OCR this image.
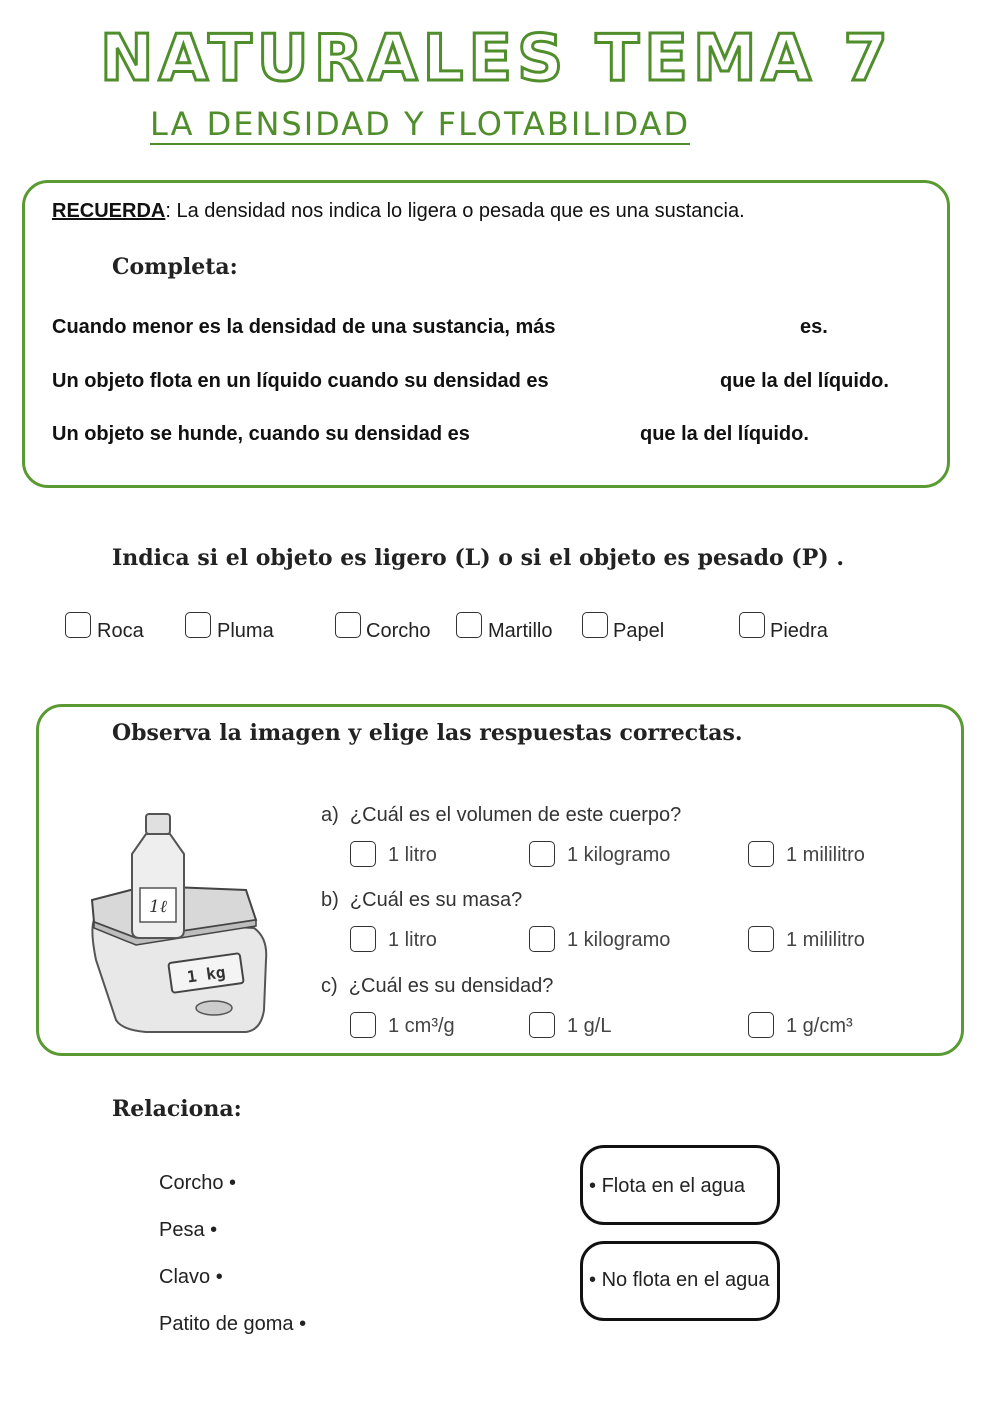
NATURALES TEMA 7
LA DENSIDAD Y FLOTABILIDAD
RECUERDA: La densidad nos indica lo ligera o pesada que es una sustancia.
Completa:
Cuando menor es la densidad de una sustancia, más	es.
Un objeto flota en un líquido cuando su densidad es	que la del líquido.
Un objeto se hunde, cuando su densidad es	que la del líquido.
Indica si el objeto es ligero (L) o si el objeto es pesado (P) .
Roca	Pluma	Corcho	Martillo	Papel	Piedra
Observa la imagen y elige las respuestas correctas.
1 kg
1ℓ
a) ¿Cuál es el volumen de este cuerpo?
1 litro	1 kilogramo	1 mililitro
b) ¿Cuál es su masa?
1 litro	1 kilogramo	1 mililitro
c) ¿Cuál es su densidad?
1 cm³/g	1 g/L	1 g/cm³
Relaciona:
Corcho •
Pesa •
Clavo •
Patito de goma •
• Flota en el agua
• No flota en el agua
